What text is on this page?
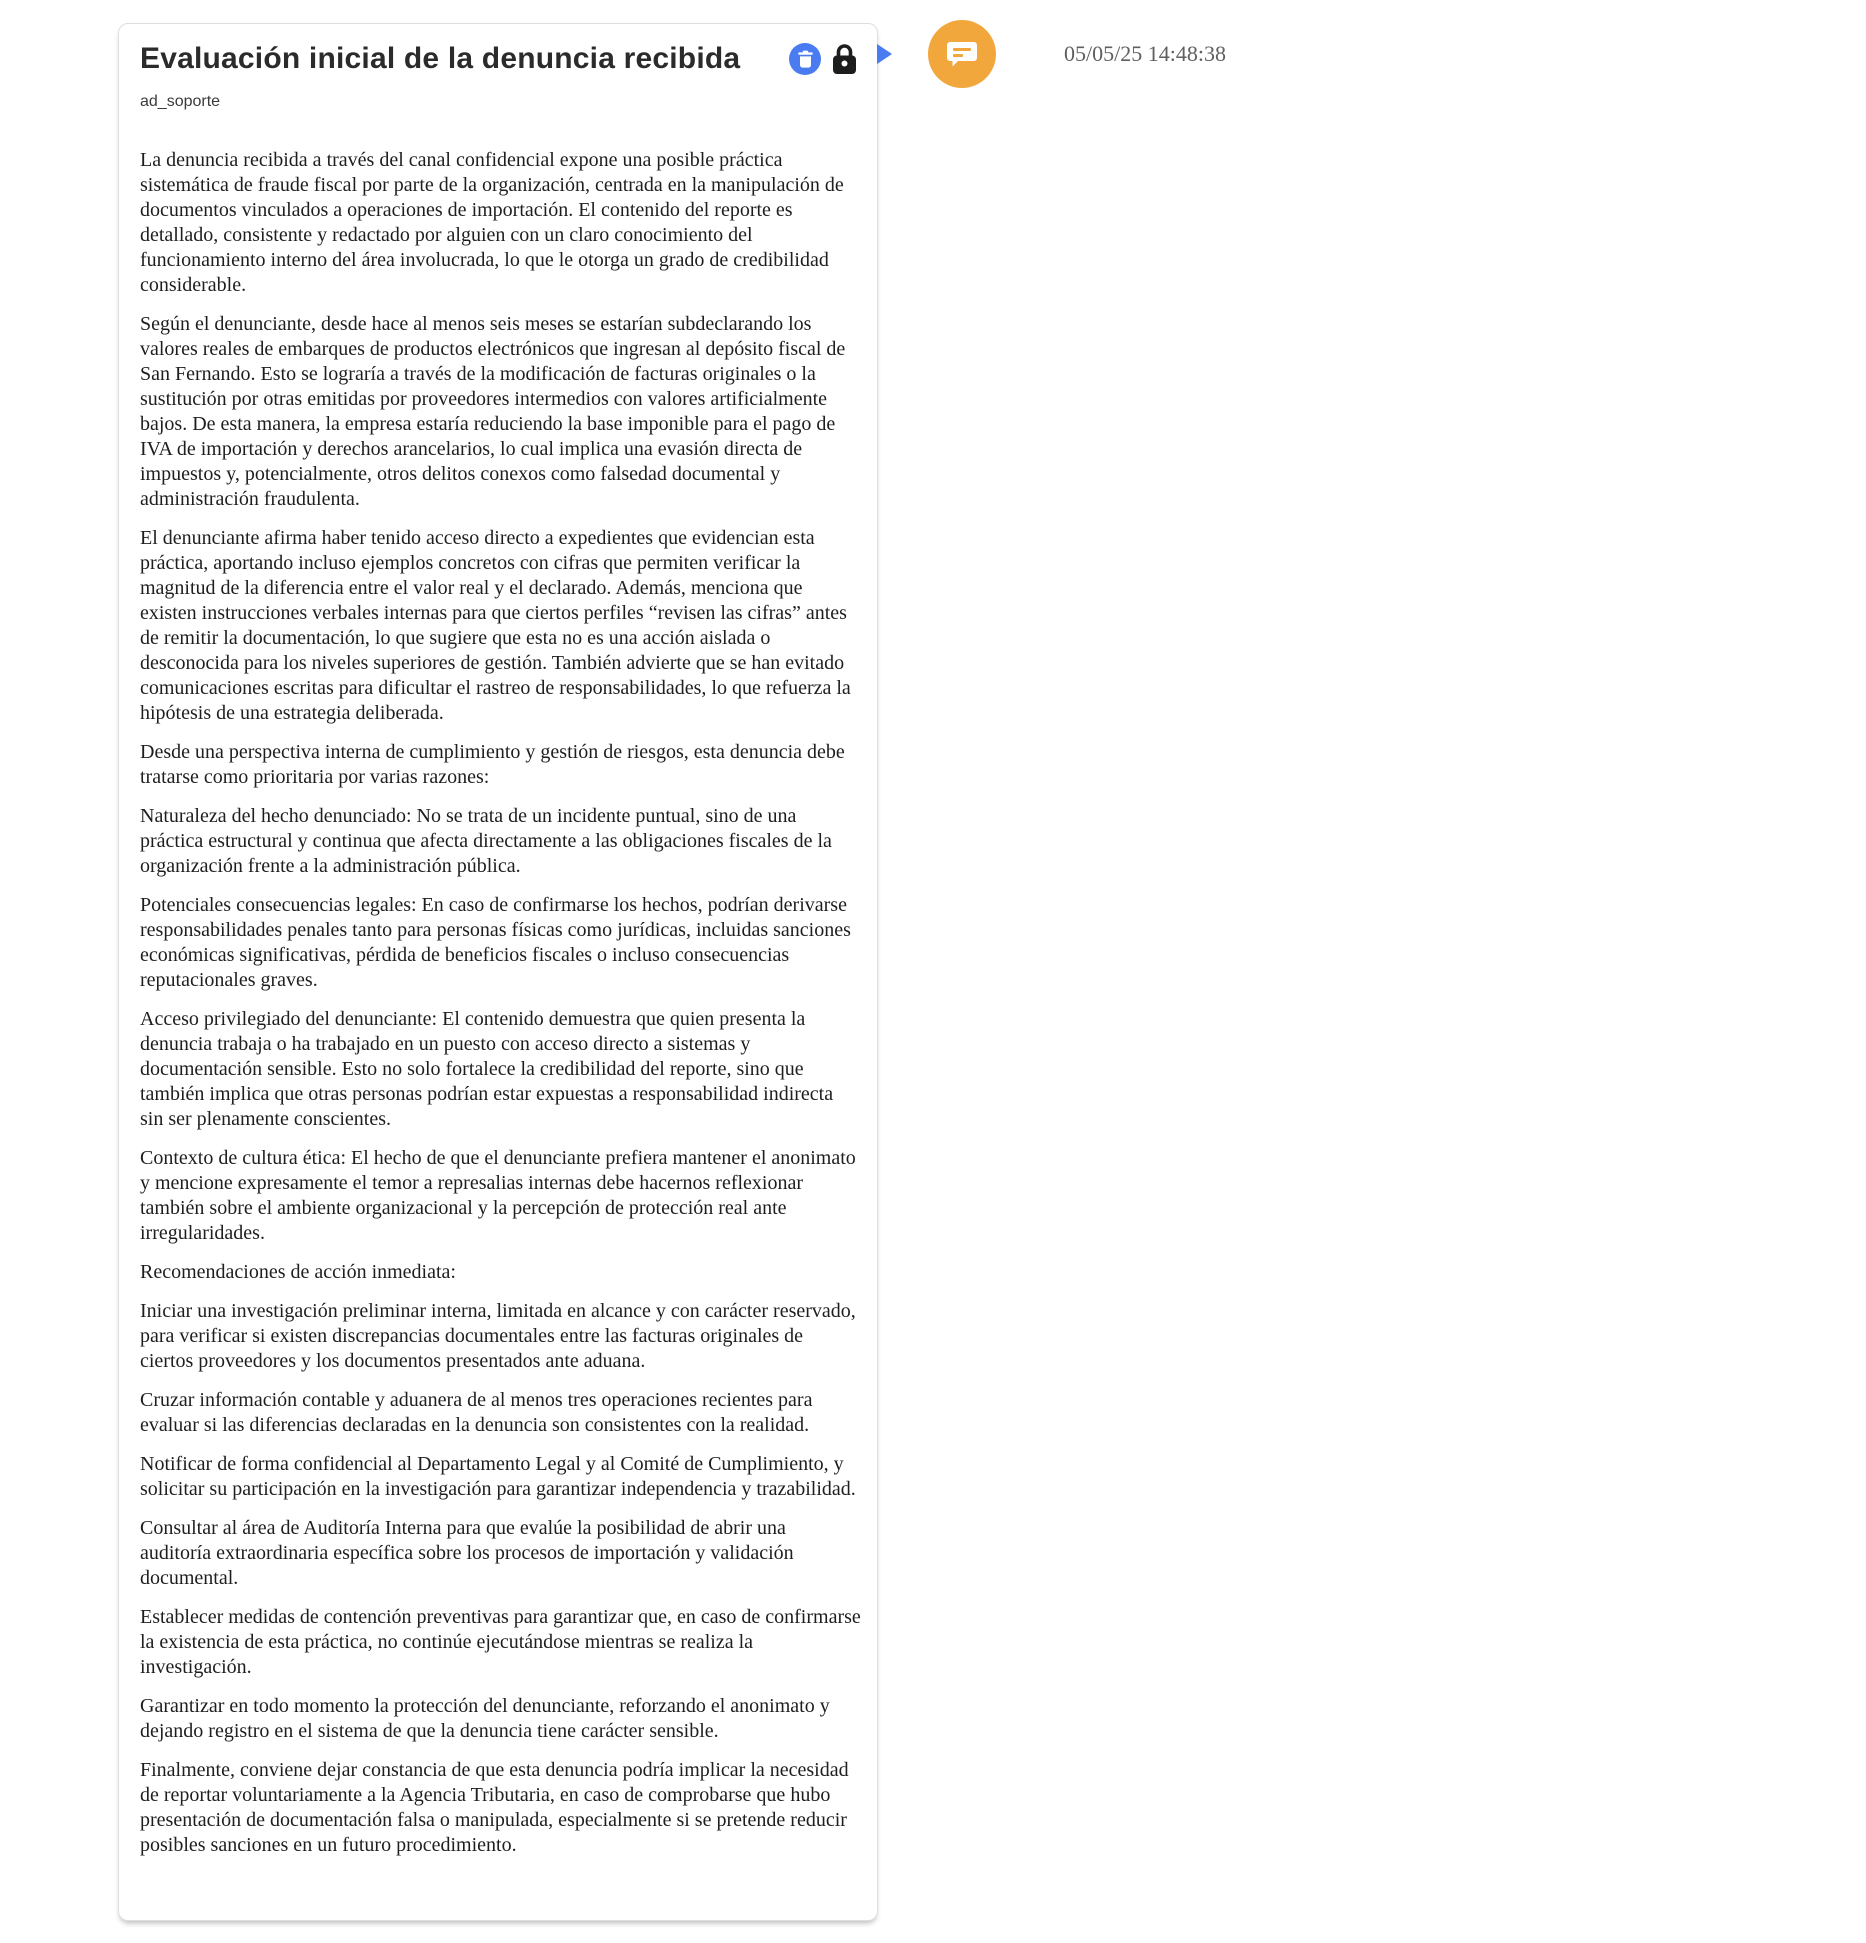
Evaluación inicial de la denuncia recibida
ad_soporte

La denuncia recibida a través del canal confidencial expone una posible práctica sistemática de fraude fiscal por parte de la organización, centrada en la manipulación de documentos vinculados a operaciones de importación. El contenido del reporte es detallado, consistente y redactado por alguien con un claro conocimiento del funcionamiento interno del área involucrada, lo que le otorga un grado de credibilidad considerable.

Según el denunciante, desde hace al menos seis meses se estarían subdeclarando los valores reales de embarques de productos electrónicos que ingresan al depósito fiscal de San Fernando. Esto se lograría a través de la modificación de facturas originales o la sustitución por otras emitidas por proveedores intermedios con valores artificialmente bajos. De esta manera, la empresa estaría reduciendo la base imponible para el pago de IVA de importación y derechos arancelarios, lo cual implica una evasión directa de impuestos y, potencialmente, otros delitos conexos como falsedad documental y administración fraudulenta.

El denunciante afirma haber tenido acceso directo a expedientes que evidencian esta práctica, aportando incluso ejemplos concretos con cifras que permiten verificar la magnitud de la diferencia entre el valor real y el declarado. Además, menciona que existen instrucciones verbales internas para que ciertos perfiles “revisen las cifras” antes de remitir la documentación, lo que sugiere que esta no es una acción aislada o desconocida para los niveles superiores de gestión. También advierte que se han evitado comunicaciones escritas para dificultar el rastreo de responsabilidades, lo que refuerza la hipótesis de una estrategia deliberada.

Desde una perspectiva interna de cumplimiento y gestión de riesgos, esta denuncia debe tratarse como prioritaria por varias razones:

Naturaleza del hecho denunciado: No se trata de un incidente puntual, sino de una práctica estructural y continua que afecta directamente a las obligaciones fiscales de la organización frente a la administración pública.

Potenciales consecuencias legales: En caso de confirmarse los hechos, podrían derivarse responsabilidades penales tanto para personas físicas como jurídicas, incluidas sanciones económicas significativas, pérdida de beneficios fiscales o incluso consecuencias reputacionales graves.

Acceso privilegiado del denunciante: El contenido demuestra que quien presenta la denuncia trabaja o ha trabajado en un puesto con acceso directo a sistemas y documentación sensible. Esto no solo fortalece la credibilidad del reporte, sino que también implica que otras personas podrían estar expuestas a responsabilidad indirecta sin ser plenamente conscientes.

Contexto de cultura ética: El hecho de que el denunciante prefiera mantener el anonimato y mencione expresamente el temor a represalias internas debe hacernos reflexionar también sobre el ambiente organizacional y la percepción de protección real ante irregularidades.

Recomendaciones de acción inmediata:

Iniciar una investigación preliminar interna, limitada en alcance y con carácter reservado, para verificar si existen discrepancias documentales entre las facturas originales de ciertos proveedores y los documentos presentados ante aduana.

Cruzar información contable y aduanera de al menos tres operaciones recientes para evaluar si las diferencias declaradas en la denuncia son consistentes con la realidad.

Notificar de forma confidencial al Departamento Legal y al Comité de Cumplimiento, y solicitar su participación en la investigación para garantizar independencia y trazabilidad.

Consultar al área de Auditoría Interna para que evalúe la posibilidad de abrir una auditoría extraordinaria específica sobre los procesos de importación y validación documental.

Establecer medidas de contención preventivas para garantizar que, en caso de confirmarse la existencia de esta práctica, no continúe ejecutándose mientras se realiza la investigación.

Garantizar en todo momento la protección del denunciante, reforzando el anonimato y dejando registro en el sistema de que la denuncia tiene carácter sensible.

Finalmente, conviene dejar constancia de que esta denuncia podría implicar la necesidad de reportar voluntariamente a la Agencia Tributaria, en caso de comprobarse que hubo presentación de documentación falsa o manipulada, especialmente si se pretende reducir posibles sanciones en un futuro procedimiento.

05/05/25 14:48:38
